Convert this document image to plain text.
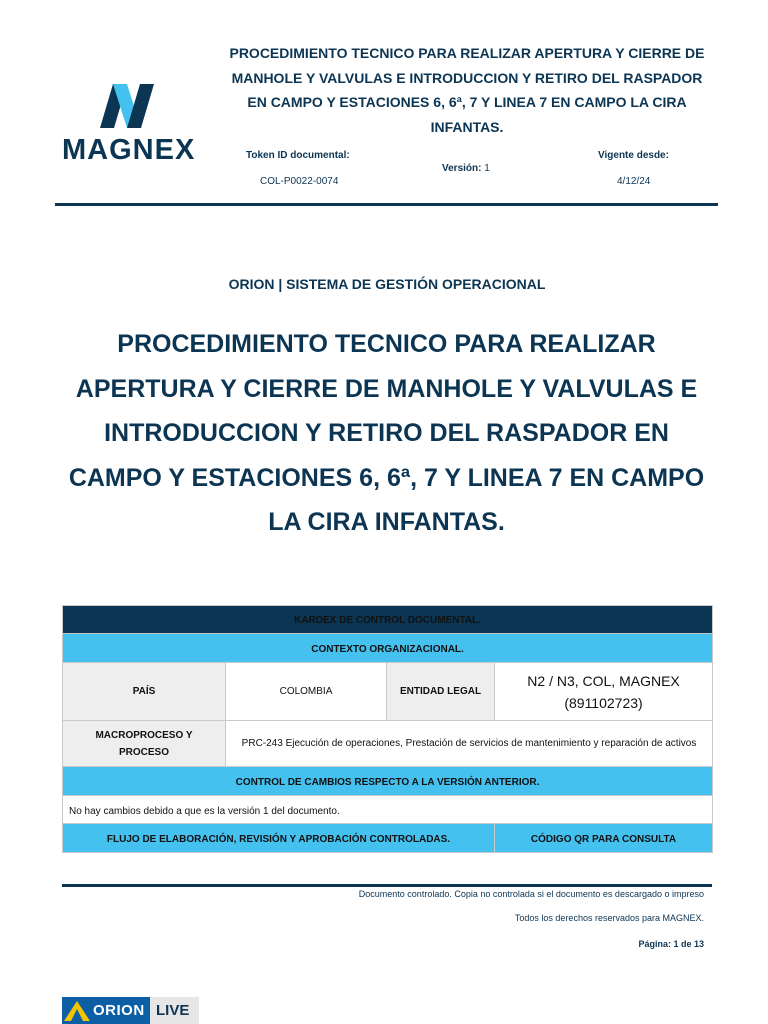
MAGNEX
PROCEDIMIENTO TECNICO PARA REALIZAR APERTURA Y CIERRE DE MANHOLE Y VALVULAS E INTRODUCCION Y RETIRO DEL RASPADOR EN CAMPO Y ESTACIONES 6, 6ª, 7 Y LINEA 7 EN CAMPO LA CIRA INFANTAS.
Token ID documental:
COL-P0022-0074
Versión: 1
Vigente desde:
4/12/24
ORION | SISTEMA DE GESTIÓN OPERACIONAL
PROCEDIMIENTO TECNICO PARA REALIZAR APERTURA Y CIERRE DE MANHOLE Y VALVULAS E INTRODUCCION Y RETIRO DEL RASPADOR EN CAMPO Y ESTACIONES 6, 6ª, 7 Y LINEA 7 EN CAMPO LA CIRA INFANTAS.
KARDEX DE CONTROL DOCUMENTAL.			
CONTEXTO ORGANIZACIONAL.			
PAÍS	COLOMBIA	ENTIDAD LEGAL	N2 / N3, COL, MAGNEX (891102723)
MACROPROCESO Y PROCESO	PRC-243 Ejecución de operaciones, Prestación de servicios de mantenimiento y reparación de activos		
CONTROL DE CAMBIOS RESPECTO A LA VERSIÓN ANTERIOR.			
No hay cambios debido a que es la versión 1 del documento.			
FLUJO DE ELABORACIÓN, REVISIÓN Y APROBACIÓN CONTROLADAS.			CÓDIGO QR PARA CONSULTA
Documento controlado. Copia no controlada si el documento es descargado o impreso
Todos los derechos reservados para MAGNEX.
Página: 1 de 13
ORION LIVE
